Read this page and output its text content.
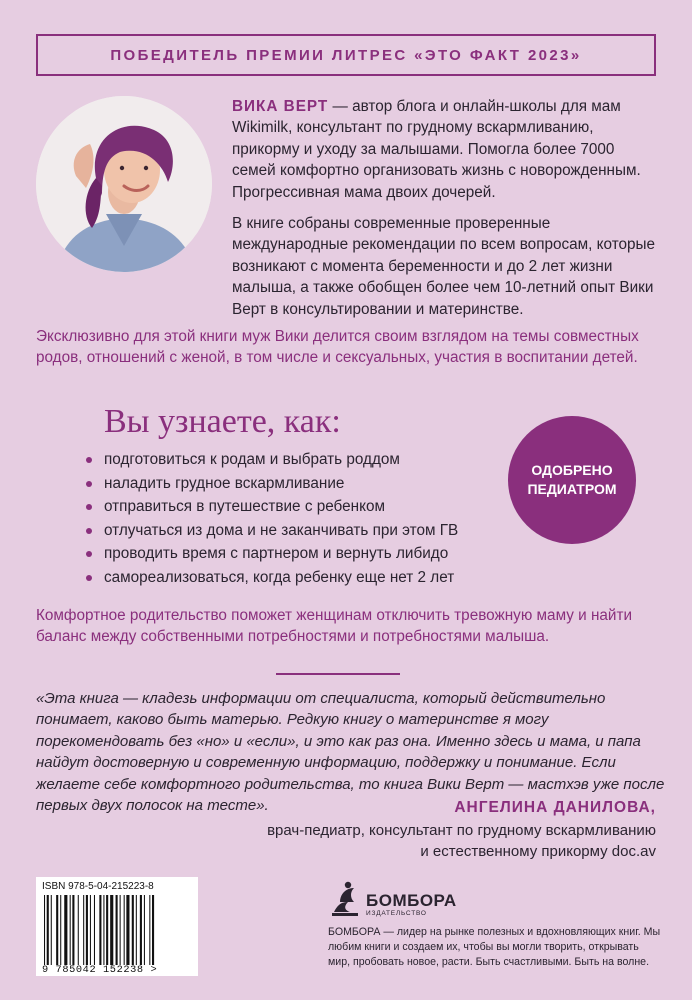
ПОБЕДИТЕЛЬ ПРЕМИИ ЛИТРЕС «ЭТО ФАКТ 2023»

ВИКА ВЕРТ — автор блога и онлайн-школы для мам Wikimilk, консультант по грудному вскармливанию, прикорму и уходу за малышами. Помогла более 7000 семей комфортно организовать жизнь с новорожденным. Прогрессивная мама двоих дочерей.

В книге собраны современные проверенные международные рекомендации по всем вопросам, которые возникают с момента беременности и до 2 лет жизни малыша, а также обобщен более чем 10-летний опыт Вики Верт в консультировании и материнстве.

Эксклюзивно для этой книги муж Вики делится своим взглядом на темы совместных родов, отношений с женой, в том числе и сексуальных, участия в воспитании детей.

Вы узнаете, как:
подготовиться к родам и выбрать роддом
наладить грудное вскармливание
отправиться в путешествие с ребенком
отлучаться из дома и не заканчивать при этом ГВ
проводить время с партнером и вернуть либидо
самореализоваться, когда ребенку еще нет 2 лет
ОДОБРЕНО
ПЕДИАТРОМ

Комфортное родительство поможет женщинам отключить тревожную маму и найти баланс между собственными потребностями и потребностями малыша.

«Эта книга — кладезь информации от специалиста, который действительно понимает, каково быть матерью. Редкую книгу о материнстве я могу порекомендовать без «но» и «если», и это как раз она. Именно здесь и мама, и папа найдут достоверную и современную информацию, поддержку и понимание. Если желаете себе комфортного родительства, то книга Вики Верт — мастхэв уже после первых двух полосок на тесте».	АНГЕЛИНА ДАНИЛОВА,
врач-педиатр, консультант по грудному вскармливанию
и естественному прикорму doc.av
ISBN 978-5-04-215223-8
9 785042 152238 >
БОМБОРА
ИЗДАТЕЛЬСТВО

БОМБОРА — лидер на рынке полезных и вдохновляющих книг. Мы любим книги и создаем их, чтобы вы могли творить, открывать мир, пробовать новое, расти. Быть счастливыми. Быть на волне.
